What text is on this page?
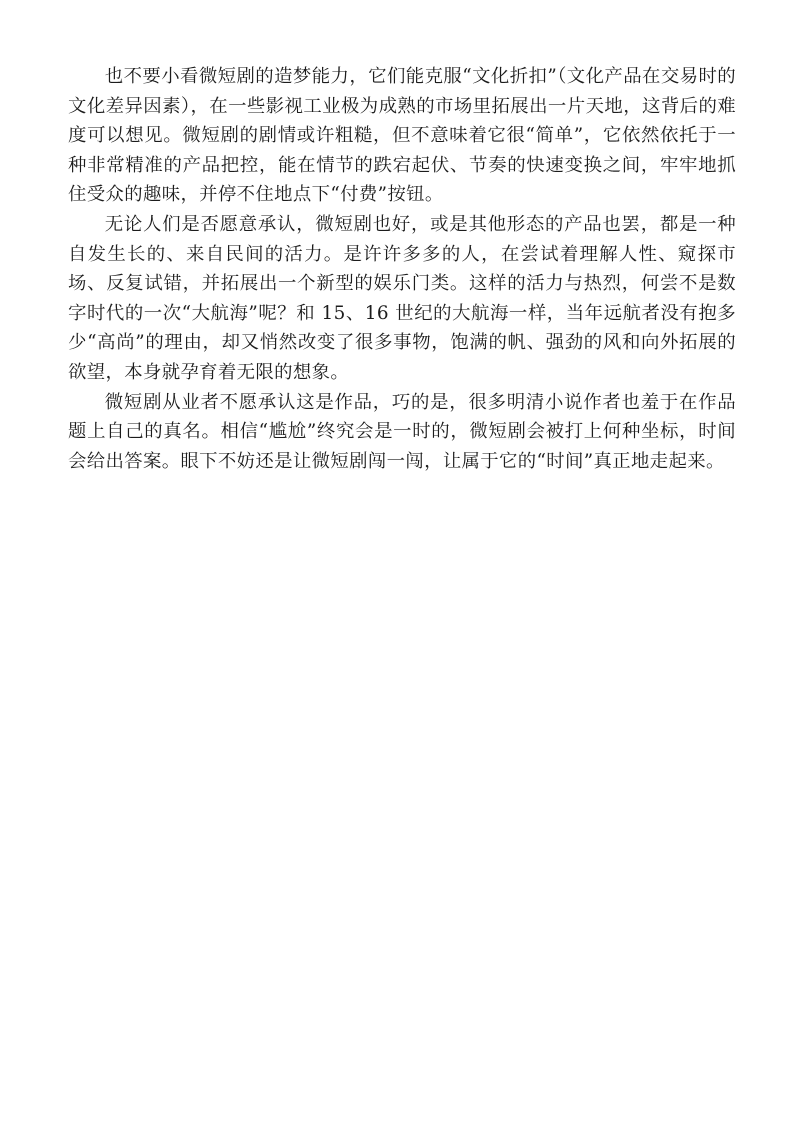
也不要小看微短剧的造梦能力，它们能克服“文化折扣”（文化产品在交易时的文化差异因素），在一些影视工业极为成熟的市场里拓展出一片天地，这背后的难度可以想见。微短剧的剧情或许粗糙，但不意味着它很“简单”，它依然依托于一种非常精准的产品把控，能在情节的跌宕起伏、节奏的快速变换之间，牢牢地抓住受众的趣味，并停不住地点下“付费”按钮。

无论人们是否愿意承认，微短剧也好，或是其他形态的产品也罢，都是一种自发生长的、来自民间的活力。是许许多多的人，在尝试着理解人性、窥探市场、反复试错，并拓展出一个新型的娱乐门类。这样的活力与热烈，何尝不是数字时代的一次“大航海”呢？和 15、16 世纪的大航海一样，当年远航者没有抱多少“高尚”的理由，却又悄然改变了很多事物，饱满的帆、强劲的风和向外拓展的欲望，本身就孕育着无限的想象。

微短剧从业者不愿承认这是作品，巧的是，很多明清小说作者也羞于在作品题上自己的真名。相信“尴尬”终究会是一时的，微短剧会被打上何种坐标，时间会给出答案。眼下不妨还是让微短剧闯一闯，让属于它的“时间”真正地走起来。
